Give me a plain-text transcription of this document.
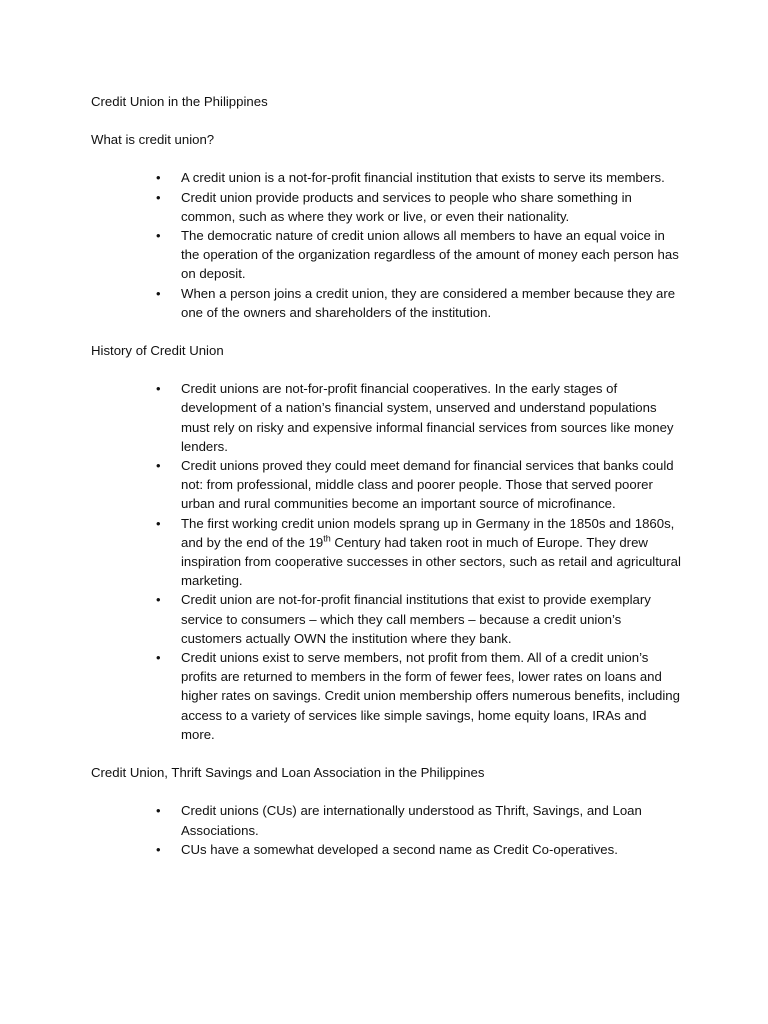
Credit Union in the Philippines

What is credit union?

• A credit union is a not-for-profit financial institution that exists to serve its members.
• Credit union provide products and services to people who share something in common, such as where they work or live, or even their nationality.
• The democratic nature of credit union allows all members to have an equal voice in the operation of the organization regardless of the amount of money each person has on deposit.
• When a person joins a credit union, they are considered a member because they are one of the owners and shareholders of the institution.

History of Credit Union

• Credit unions are not-for-profit financial cooperatives. In the early stages of development of a nation’s financial system, unserved and understand populations must rely on risky and expensive informal financial services from sources like money lenders.
• Credit unions proved they could meet demand for financial services that banks could not: from professional, middle class and poorer people. Those that served poorer urban and rural communities become an important source of microfinance.
• The first working credit union models sprang up in Germany in the 1850s and 1860s, and by the end of the 19th Century had taken root in much of Europe. They drew inspiration from cooperative successes in other sectors, such as retail and agricultural marketing.
• Credit union are not-for-profit financial institutions that exist to provide exemplary service to consumers – which they call members – because a credit union’s customers actually OWN the institution where they bank.
• Credit unions exist to serve members, not profit from them. All of a credit union’s profits are returned to members in the form of fewer fees, lower rates on loans and higher rates on savings. Credit union membership offers numerous benefits, including access to a variety of services like simple savings, home equity loans, IRAs and more.

Credit Union, Thrift Savings and Loan Association in the Philippines

• Credit unions (CUs) are internationally understood as Thrift, Savings, and Loan Associations.
• CUs have a somewhat developed a second name as Credit Co-operatives.
